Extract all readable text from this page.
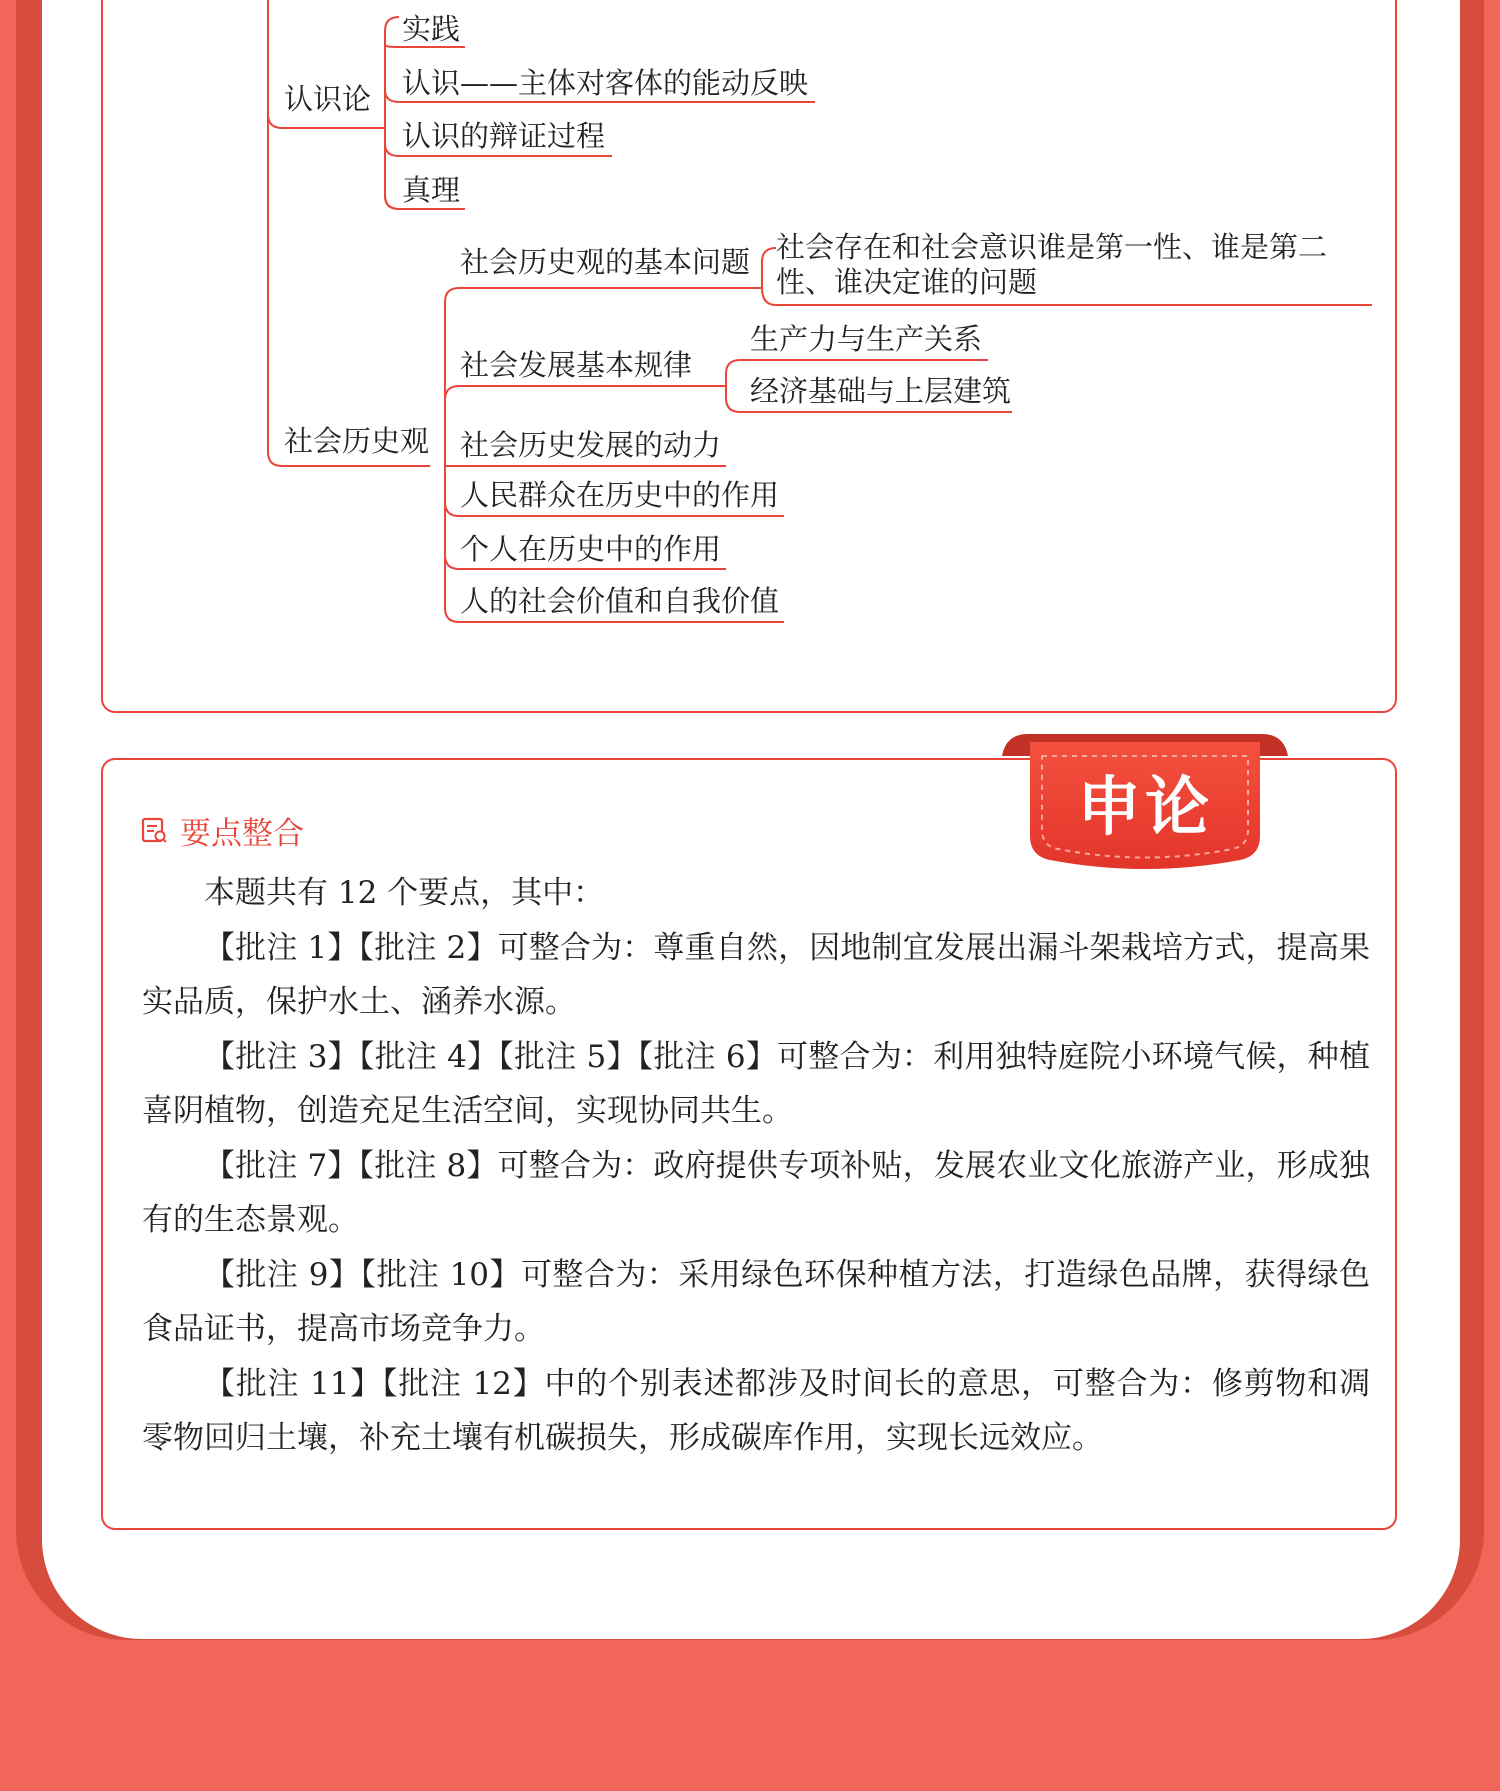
认识论
实践
认识——主体对客体的能动反映
认识的辩证过程
真理
社会历史观
社会历史观的基本问题 社会存在和社会意识谁是第一性、谁是第二性、谁决定谁的问题
社会发展基本规律
生产力与生产关系
经济基础与上层建筑
社会历史发展的动力
人民群众在历史中的作用
个人在历史中的作用
人的社会价值和自我价值
申论
要点整合

本题共有 12 个要点，其中：

【批注 1】【批注 2】可整合为：尊重自然，因地制宜发展出漏斗架栽培方式，提高果实品质，保护水土、涵养水源。

【批注 3】【批注 4】【批注 5】【批注 6】可整合为：利用独特庭院小环境气候，种植喜阴植物，创造充足生活空间，实现协同共生。

【批注 7】【批注 8】可整合为：政府提供专项补贴，发展农业文化旅游产业，形成独有的生态景观。

【批注 9】【批注 10】可整合为：采用绿色环保种植方法，打造绿色品牌，获得绿色食品证书，提高市场竞争力。

【批注 11】【批注 12】中的个别表述都涉及时间长的意思，可整合为：修剪物和凋零物回归土壤，补充土壤有机碳损失，形成碳库作用，实现长远效应。
